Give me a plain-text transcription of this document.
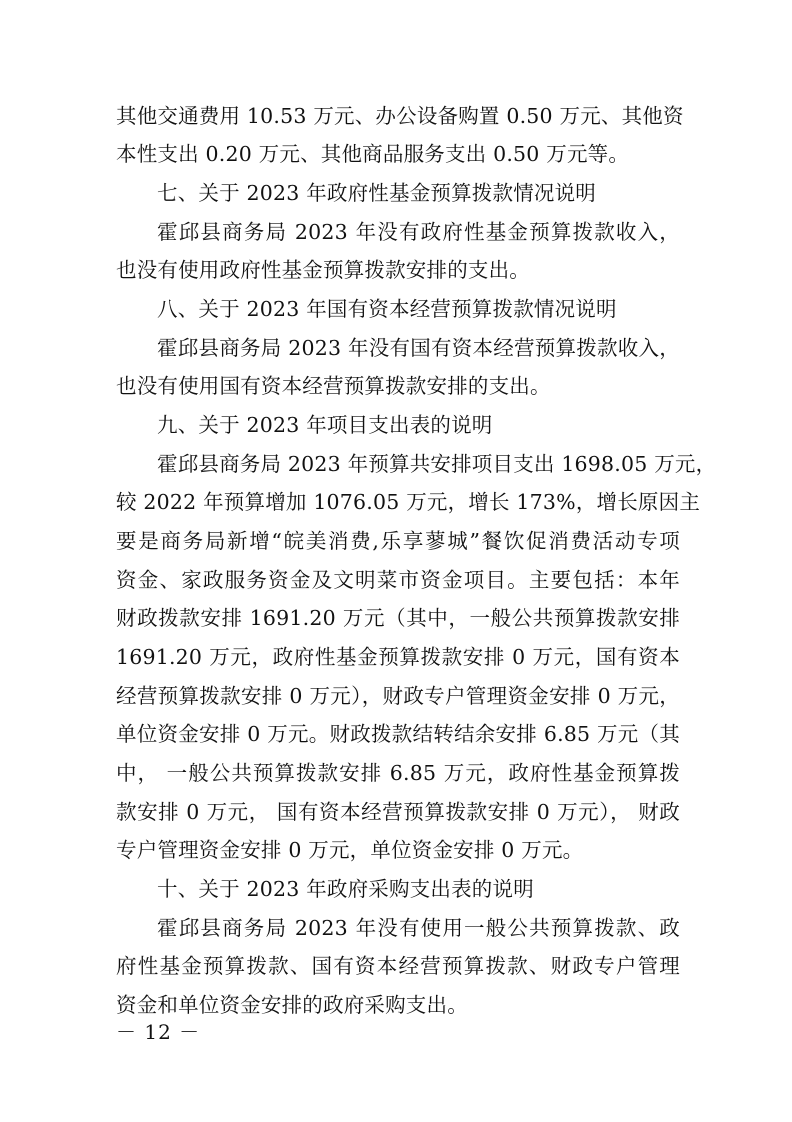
其他交通费用 10.53 万元、办公设备购置 0.50 万元、其他资
本性支出 0.20 万元、其他商品服务支出 0.50 万元等。
七、关于 2023 年政府性基金预算拨款情况说明
霍邱县商务局 2023 年没有政府性基金预算拨款收入，
也没有使用政府性基金预算拨款安排的支出。
八、关于 2023 年国有资本经营预算拨款情况说明
霍邱县商务局 2023 年没有国有资本经营预算拨款收入，
也没有使用国有资本经营预算拨款安排的支出。
九、关于 2023 年项目支出表的说明
霍邱县商务局 2023 年预算共安排项目支出 1698.05 万元，
较 2022 年预算增加 1076.05 万元，增长 173%，增长原因主
要是商务局新增“皖美消费,乐享蓼城”餐饮促消费活动专项
资金、家政服务资金及文明菜市资金项目。主要包括：本年
财政拨款安排 1691.20 万元（其中，一般公共预算拨款安排
1691.20 万元，政府性基金预算拨款安排 0 万元，国有资本
经营预算拨款安排 0 万元），财政专户管理资金安排 0 万元，
单位资金安排 0 万元。财政拨款结转结余安排 6.85 万元（其
中， 一般公共预算拨款安排 6.85 万元，政府性基金预算拨
款安排 0 万元， 国有资本经营预算拨款安排 0 万元）， 财政
专户管理资金安排 0 万元，单位资金安排 0 万元。
十、关于 2023 年政府采购支出表的说明
霍邱县商务局 2023 年没有使用一般公共预算拨款、政
府性基金预算拨款、国有资本经营预算拨款、财政专户管理
资金和单位资金安排的政府采购支出。
－ 12 －
